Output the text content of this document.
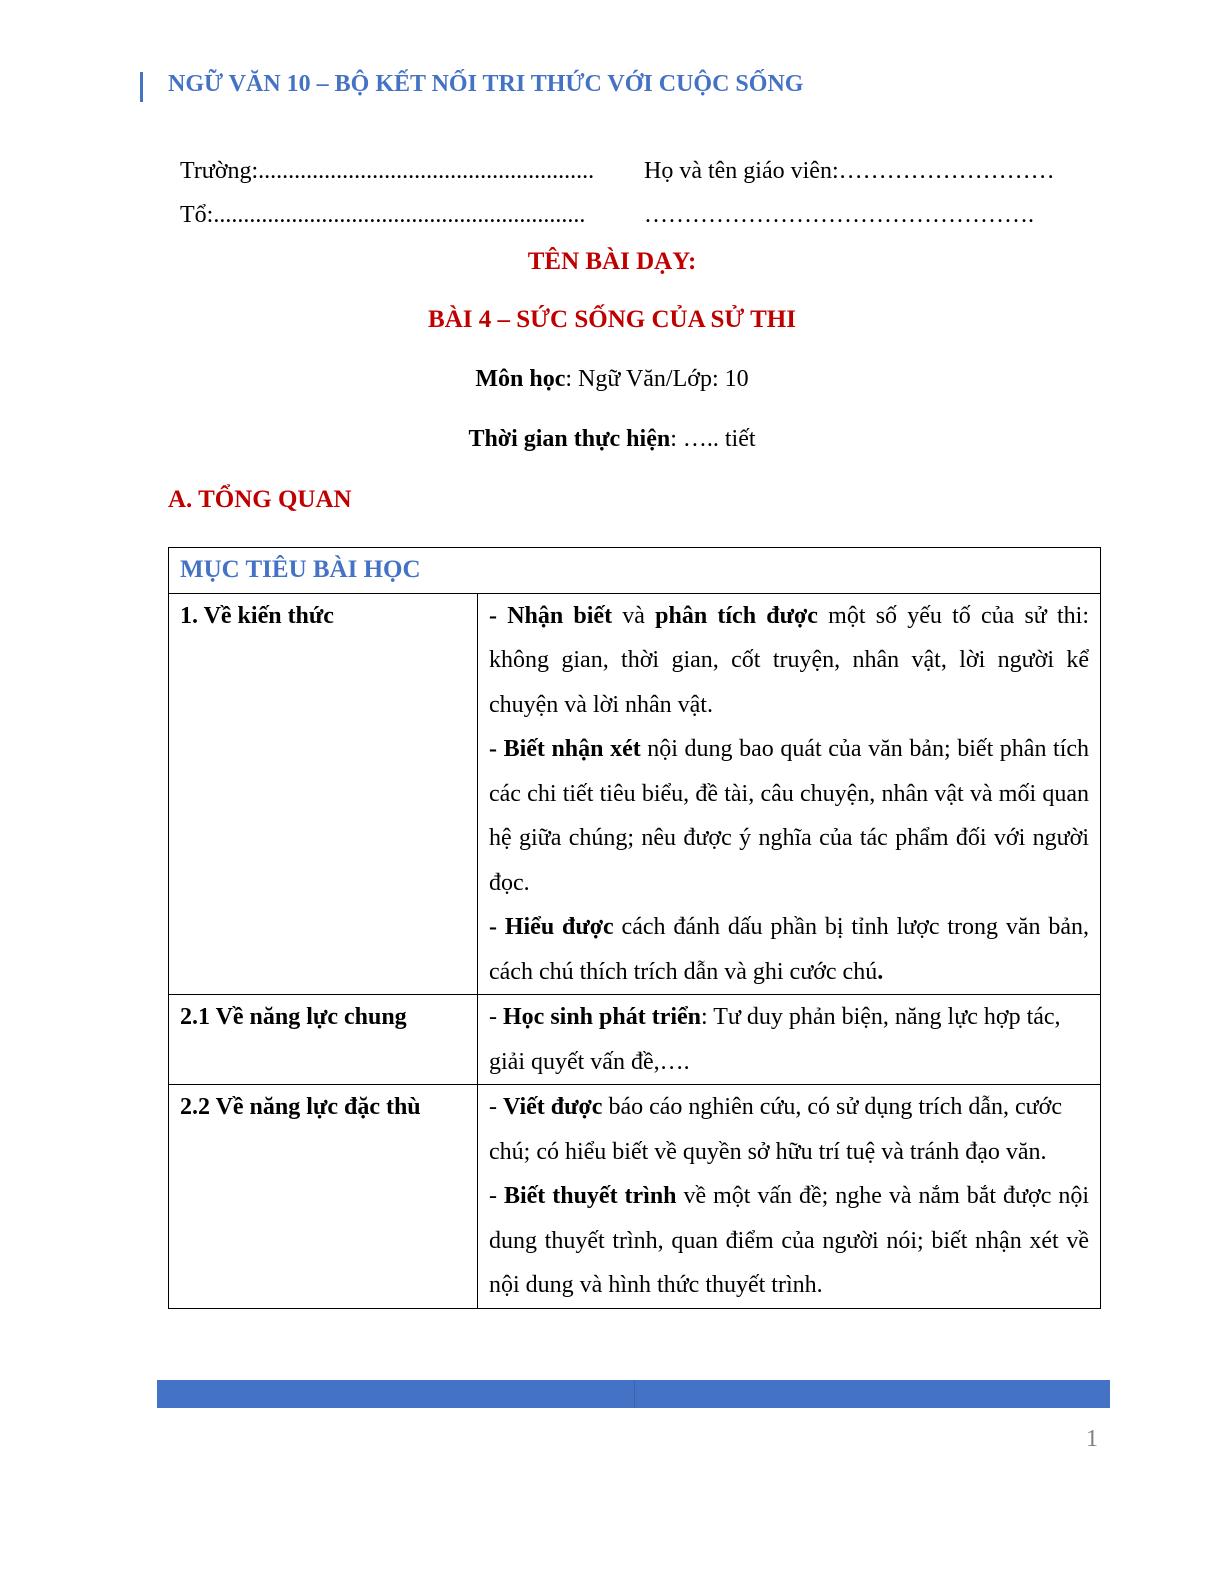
NGỮ VĂN 10 – BỘ KẾT NỐI TRI THỨC VỚI CUỘC SỐNG
Trường:........................................................ Họ và tên giáo viên:………………………
Tổ:.............................................................. ………………………………………….
TÊN BÀI DẠY:
BÀI 4 – SỨC SỐNG CỦA SỬ THI
Môn học: Ngữ Văn/Lớp: 10
Thời gian thực hiện: ….. tiết
A. TỔNG QUAN
MỤC TIÊU BÀI HỌC	
1. Về kiến thức	- Nhận biết và phân tích được một số yếu tố của sử thi: không gian, thời gian, cốt truyện, nhân vật, lời người kể chuyện và lời nhân vật.
- Biết nhận xét nội dung bao quát của văn bản; biết phân tích các chi tiết tiêu biểu, đề tài, câu chuyện, nhân vật và mối quan hệ giữa chúng; nêu được ý nghĩa của tác phẩm đối với người đọc.
- Hiểu được cách đánh dấu phần bị tỉnh lược trong văn bản, cách chú thích trích dẫn và ghi cước chú.

2.1 Về năng lực chung	- Học sinh phát triển: Tư duy phản biện, năng lực hợp tác, giải quyết vấn đề,….
2.2 Về năng lực đặc thù	- Viết được báo cáo nghiên cứu, có sử dụng trích dẫn, cước chú; có hiểu biết về quyền sở hữu trí tuệ và tránh đạo văn.
- Biết thuyết trình về một vấn đề; nghe và nắm bắt được nội dung thuyết trình, quan điểm của người nói; biết nhận xét về nội dung và hình thức thuyết trình.
1
